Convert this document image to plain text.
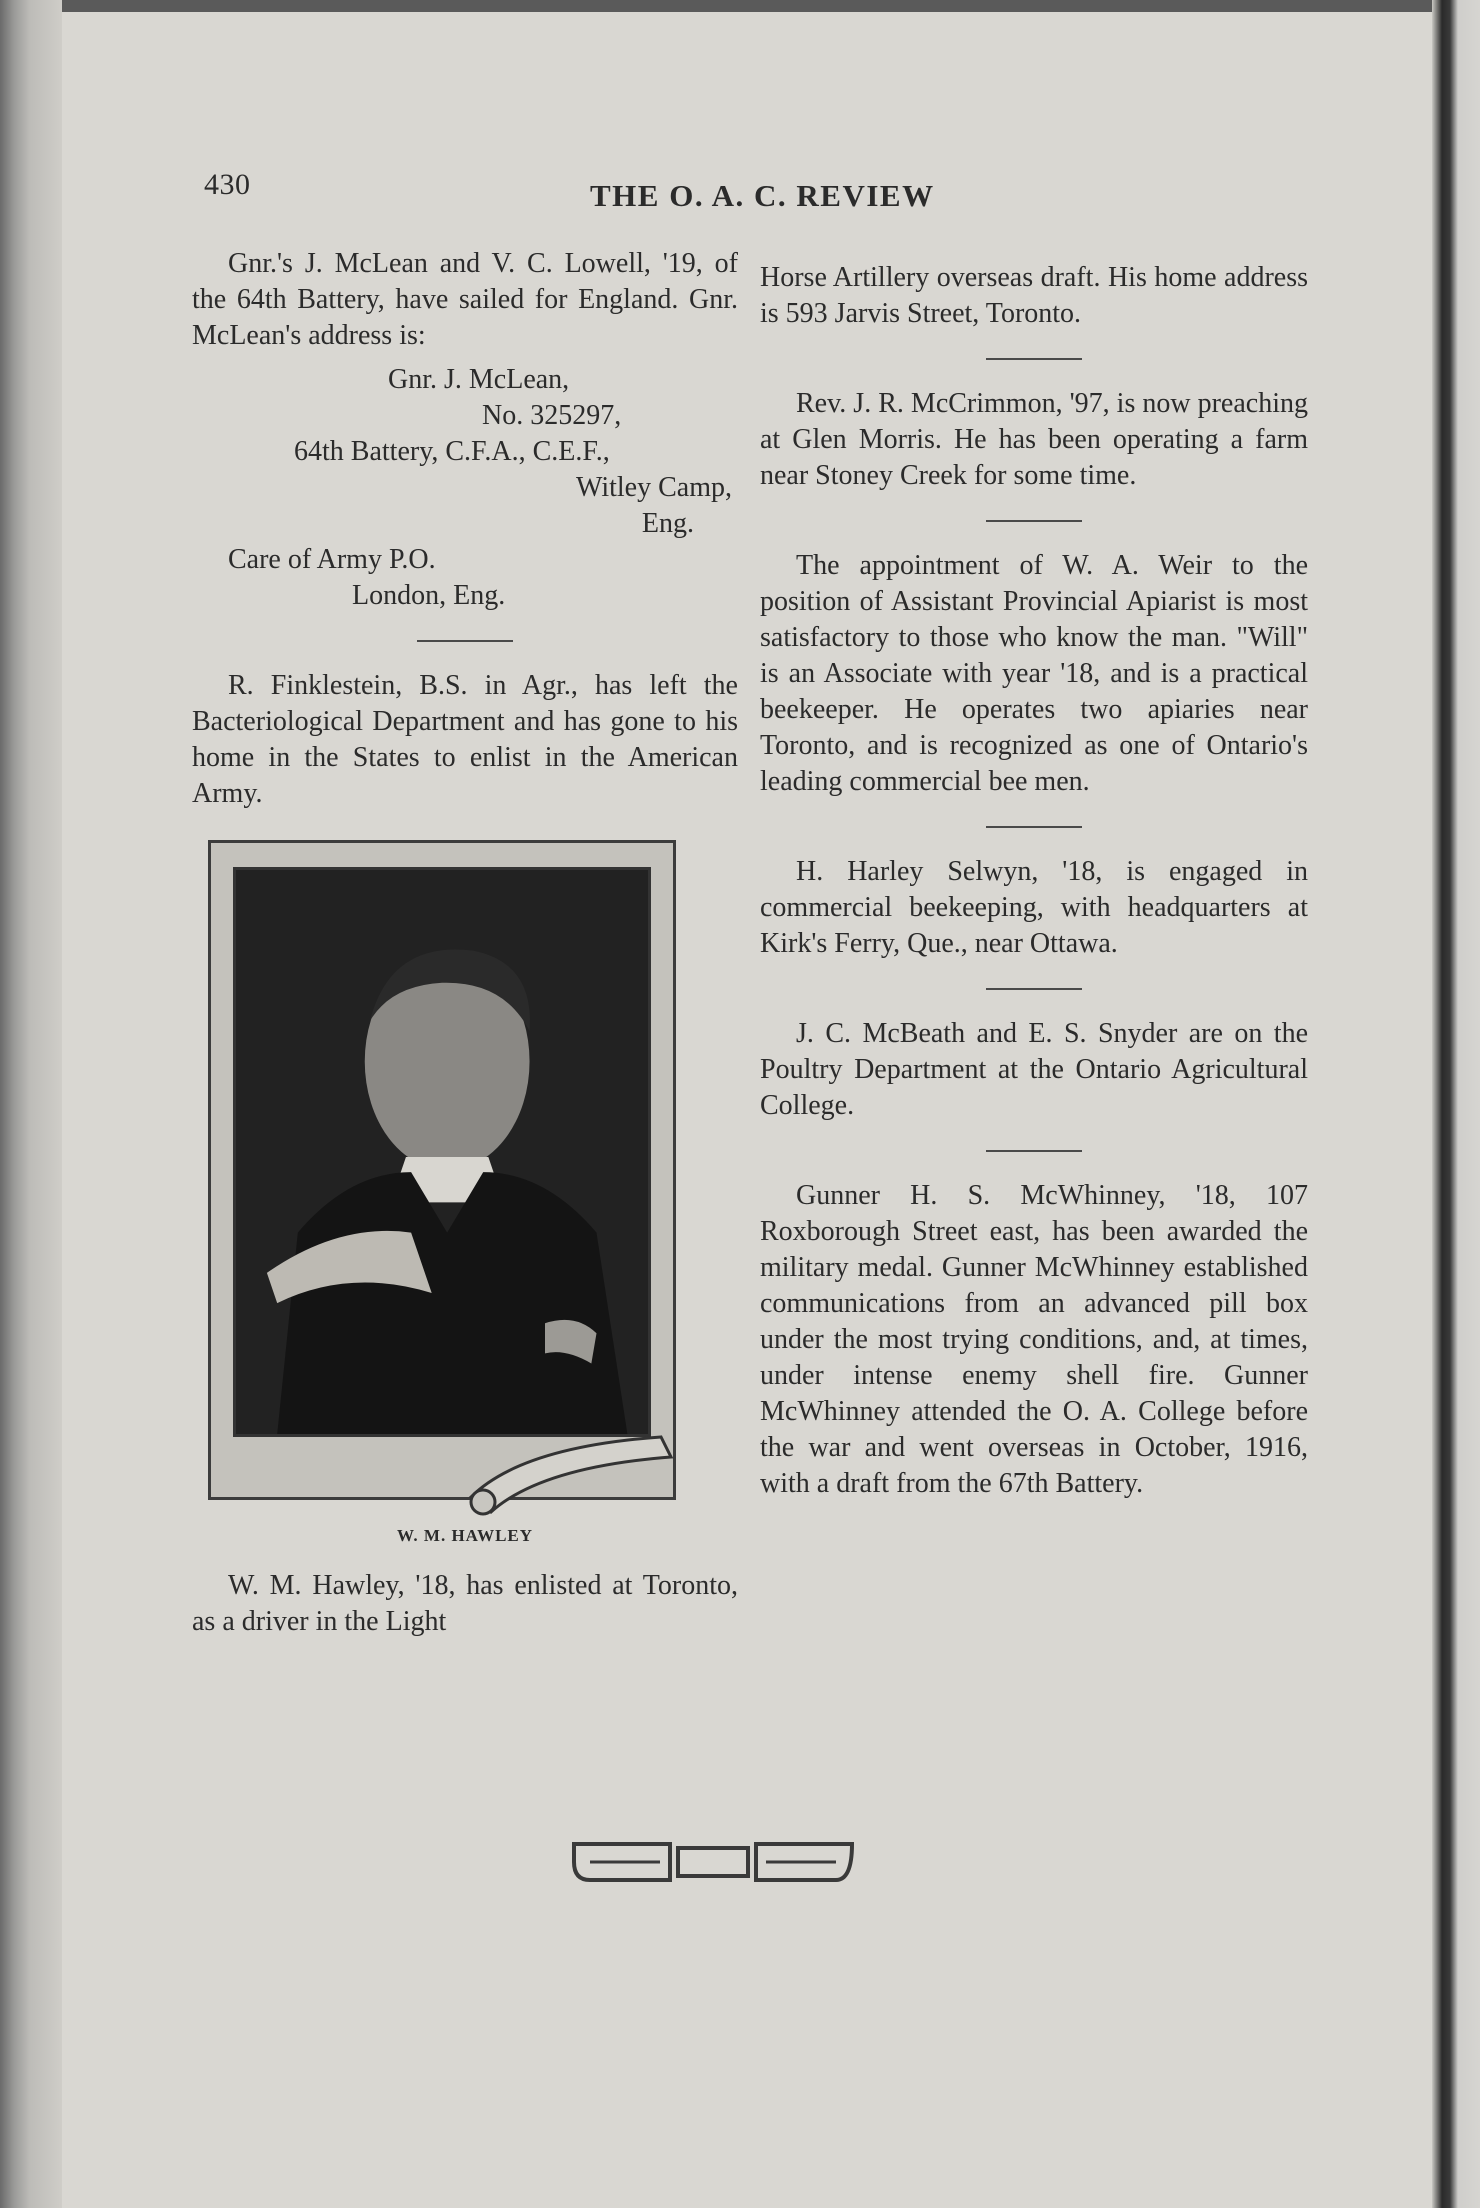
430	THE O. A. C. REVIEW

Gnr.'s J. McLean and V. C. Lowell, '19, of the 64th Battery, have sailed for England. Gnr. McLean's address is:

Gnr. J. McLean,

No. 325297,

64th Battery, C.F.A., C.E.F.,

Witley Camp,

Eng.

Care of Army P.O.

London, Eng.

R. Finklestein, B.S. in Agr., has left the Bacteriological Department and has gone to his home in the States to enlist in the American Army.

W. M. HAWLEY

W. M. Hawley, '18, has enlisted at Toronto, as a driver in the Light

Horse Artillery overseas draft. His home address is 593 Jarvis Street, Toronto.

Rev. J. R. McCrimmon, '97, is now preaching at Glen Morris. He has been operating a farm near Stoney Creek for some time.

The appointment of W. A. Weir to the position of Assistant Provincial Apiarist is most satisfactory to those who know the man. "Will" is an Associate with year '18, and is a practical beekeeper. He operates two apiaries near Toronto, and is recognized as one of Ontario's leading commercial bee men.

H. Harley Selwyn, '18, is engaged in commercial beekeeping, with headquarters at Kirk's Ferry, Que., near Ottawa.

J. C. McBeath and E. S. Snyder are on the Poultry Department at the Ontario Agricultural College.

Gunner H. S. McWhinney, '18, 107 Roxborough Street east, has been awarded the military medal. Gunner McWhinney established communications from an advanced pill box under the most trying conditions, and, at times, under intense enemy shell fire. Gunner McWhinney attended the O. A. College before the war and went overseas in October, 1916, with a draft from the 67th Battery.
